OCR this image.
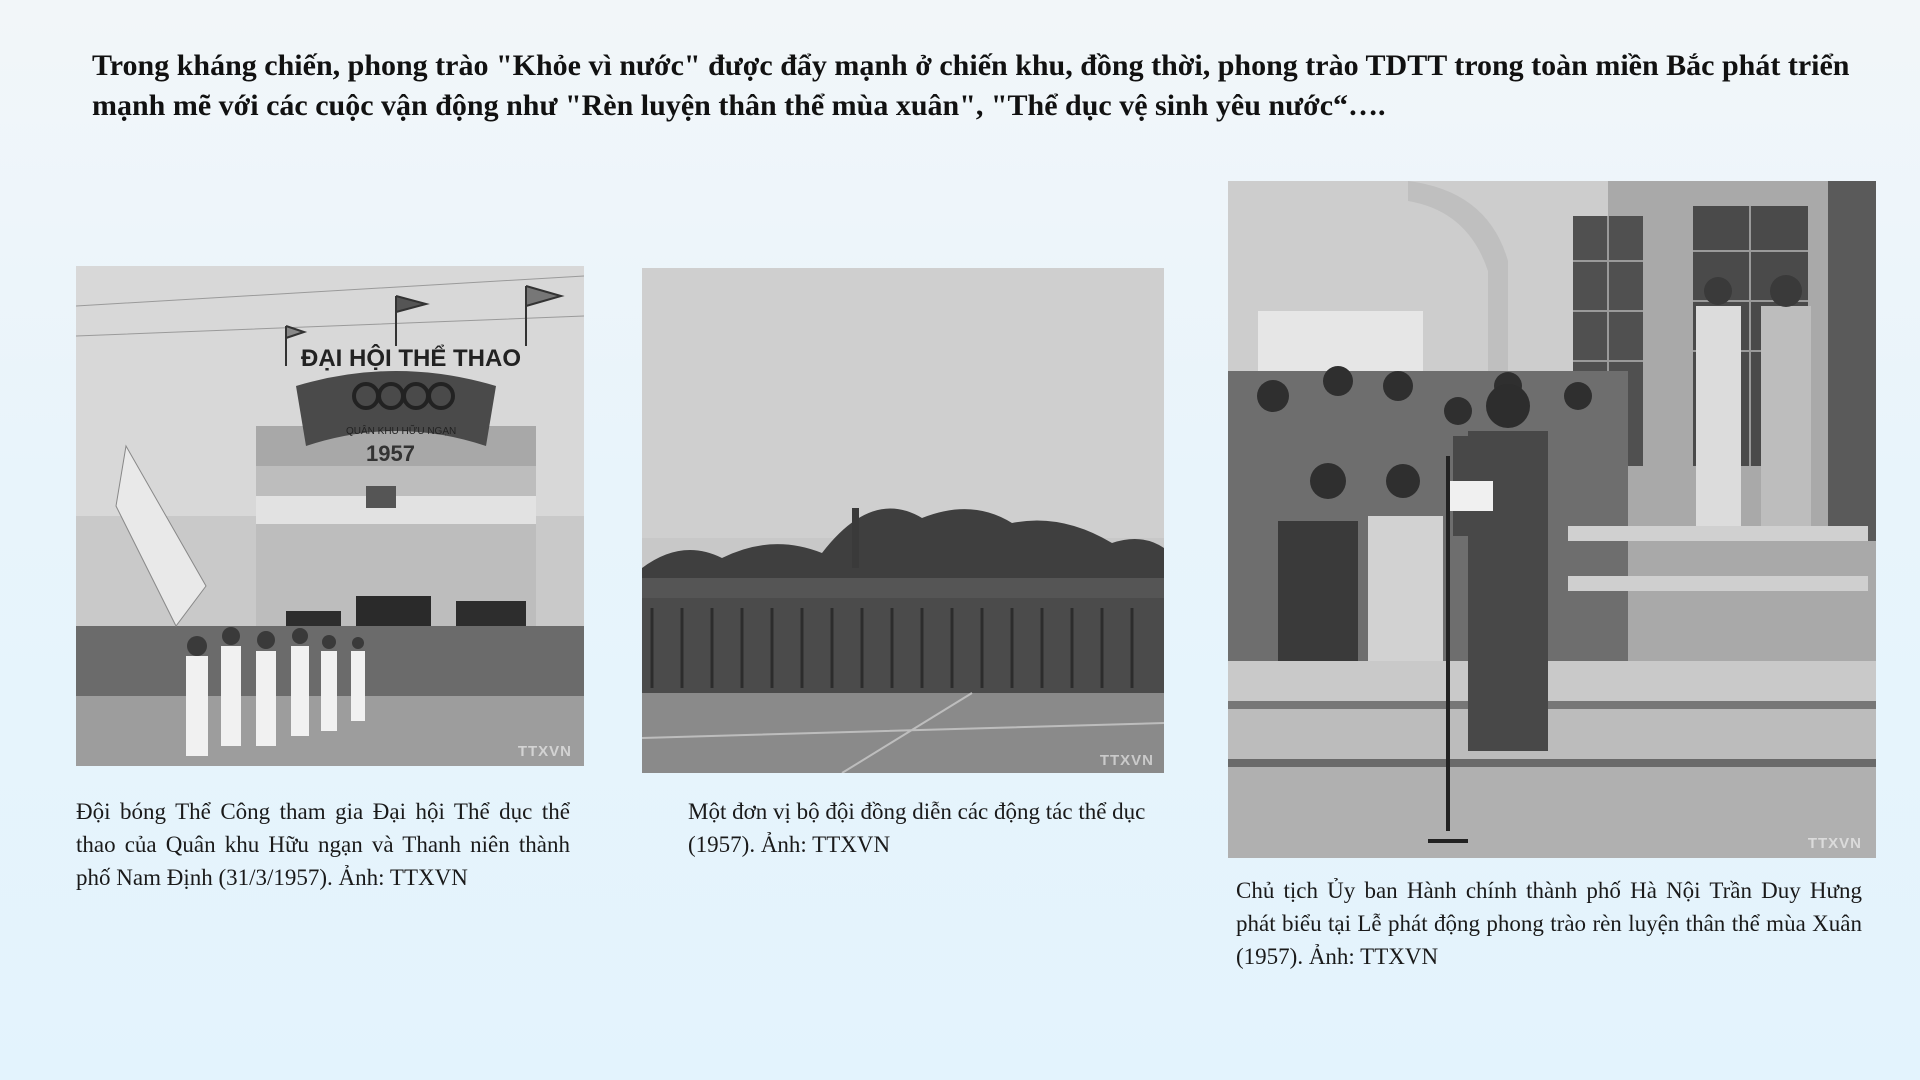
Trong kháng chiến, phong trào "Khỏe vì nước" được đẩy mạnh ở chiến khu, đồng thời, phong trào TDTT trong toàn miền Bắc phát triển mạnh mẽ với các cuộc vận động như "Rèn luyện thân thể mùa xuân", "Thể dục vệ sinh yêu nước“….
ĐẠI HỘI THỂ THAO
QUÂN KHU HỮU NGẠN
1957
TTXVN
TTXVN
TTXVN
Đội bóng Thể Công tham gia Đại hội Thể dục thể thao của Quân khu Hữu ngạn và Thanh niên thành phố Nam Định (31/3/1957). Ảnh: TTXVN
Một đơn vị bộ đội đồng diễn các động tác thể dục (1957). Ảnh: TTXVN
Chủ tịch Ủy ban Hành chính thành phố Hà Nội Trần Duy Hưng phát biểu tại Lễ phát động phong trào rèn luyện thân thể mùa Xuân (1957). Ảnh: TTXVN
